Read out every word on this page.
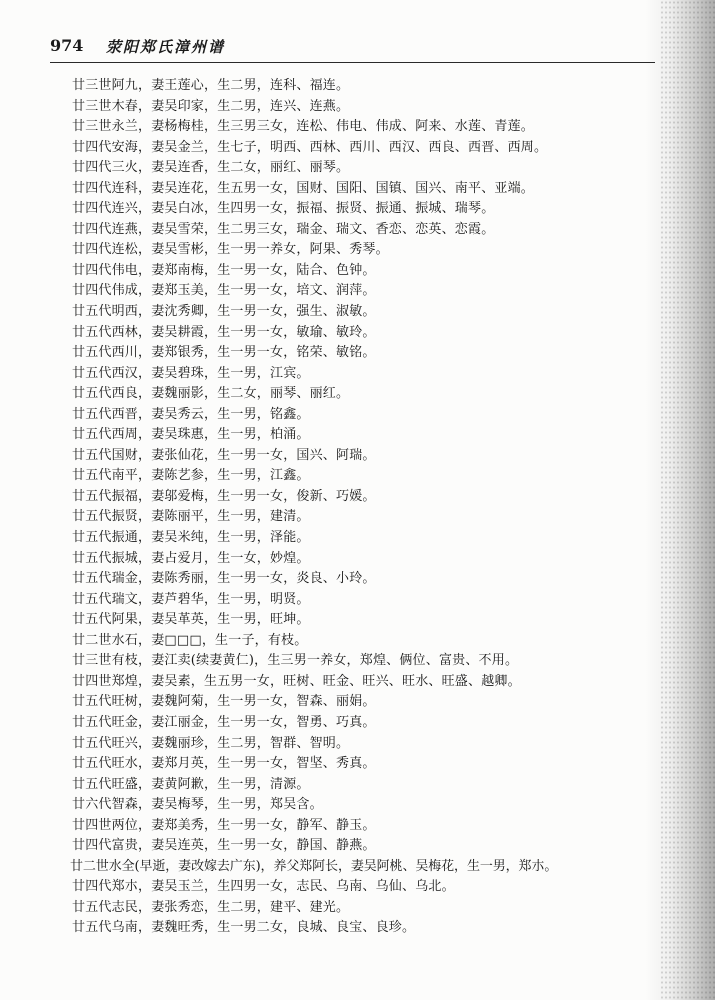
974 荥阳郑氏漳州谱
廿三世阿九，妻王莲心，生二男，连科、福连。
廿三世木春，妻吴印家，生二男，连兴、连燕。
廿三世永兰，妻杨梅桂，生三男三女，连松、伟电、伟成、阿来、水莲、青莲。
廿四代安海，妻吴金兰，生七子，明西、西林、西川、西汉、西良、西晋、西周。
廿四代三火，妻吴连香，生二女，丽红、丽琴。
廿四代连科，妻吴连花，生五男一女，国财、国阳、国镇、国兴、南平、亚端。
廿四代连兴，妻吴白冰，生四男一女，振福、振贤、振通、振城、瑞琴。
廿四代连燕，妻吴雪荣，生二男三女，瑞金、瑞文、香恋、恋英、恋霞。
廿四代连松，妻吴雪彬，生一男一养女，阿果、秀琴。
廿四代伟电，妻郑南梅，生一男一女，陆合、色钟。
廿四代伟成，妻郑玉美，生一男一女，培文、润萍。
廿五代明西，妻沈秀卿，生一男一女，强生、淑敏。
廿五代西林，妻吴耕霞，生一男一女，敏瑜、敏玲。
廿五代西川，妻郑银秀，生一男一女，铭荣、敏铭。
廿五代西汉，妻吴碧珠，生一男，江宾。
廿五代西良，妻魏丽影，生二女，丽琴、丽红。
廿五代西晋，妻吴秀云，生一男，铭鑫。
廿五代西周，妻吴珠惠，生一男，柏涌。
廿五代国财，妻张仙花，生一男一女，国兴、阿瑞。
廿五代南平，妻陈艺参，生一男，江鑫。
廿五代振福，妻邬爱梅，生一男一女，俊新、巧媛。
廿五代振贤，妻陈丽平，生一男，建清。
廿五代振通，妻吴米纯，生一男，泽能。
廿五代振城，妻占爱月，生一女，妙煌。
廿五代瑞金，妻陈秀丽，生一男一女，炎良、小玲。
廿五代瑞文，妻芦碧华，生一男，明贤。
廿五代阿果，妻吴革英，生一男，旺坤。
廿二世水石，妻□□□，生一子，有枝。
廿三世有枝，妻江卖(续妻黄仁)，生三男一养女，郑煌、俩位、富贵、不用。
廿四世郑煌，妻吴素，生五男一女，旺树、旺金、旺兴、旺水、旺盛、越卿。
廿五代旺树，妻魏阿菊，生一男一女，智森、丽娟。
廿五代旺金，妻江丽金，生一男一女，智勇、巧真。
廿五代旺兴，妻魏丽珍，生二男，智群、智明。
廿五代旺水，妻郑月英，生一男一女，智坚、秀真。
廿五代旺盛，妻黄阿歉，生一男，清源。
廿六代智森，妻吴梅琴，生一男，郑吴含。
廿四世两位，妻郑美秀，生一男一女，静军、静玉。
廿四代富贵，妻吴连英，生一男一女，静国、静燕。
廿二世水全(早逝，妻改嫁去广东)，养父郑阿长，妻吴阿桃、吴梅花，生一男，郑朩。
廿四代郑朩，妻吴玉兰，生四男一女，志民、乌南、乌仙、乌北。
廿五代志民，妻张秀恋，生二男，建平、建光。
廿五代乌南，妻魏旺秀，生一男二女，良城、良宝、良珍。
